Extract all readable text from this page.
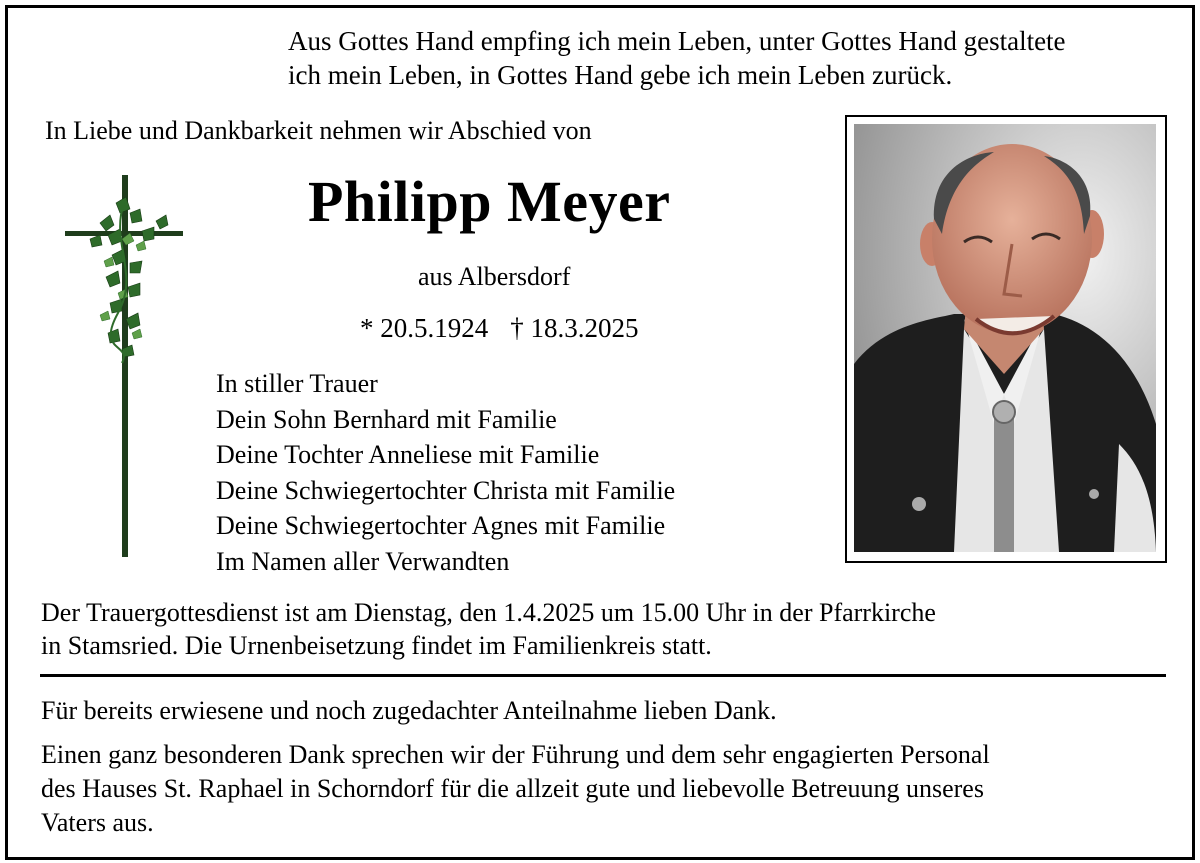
Aus Gottes Hand empfing ich mein Leben, unter Gottes Hand gestaltete
ich mein Leben, in Gottes Hand gebe ich mein Leben zurück.
In Liebe und Dankbarkeit nehmen wir Abschied von
Philipp Meyer
aus Albersdorf
* 20.5.1924 † 18.3.2025
In stiller Trauer
Dein Sohn Bernhard mit Familie
Deine Tochter Anneliese mit Familie
Deine Schwiegertochter Christa mit Familie
Deine Schwiegertochter Agnes mit Familie
Im Namen aller Verwandten
Der Trauergottesdienst ist am Dienstag, den 1.4.2025 um 15.00 Uhr in der Pfarrkirche
in Stamsried. Die Urnenbeisetzung findet im Familienkreis statt.
Für bereits erwiesene und noch zugedachter Anteilnahme lieben Dank.
Einen ganz besonderen Dank sprechen wir der Führung und dem sehr engagierten Personal
des Hauses St. Raphael in Schorndorf für die allzeit gute und liebevolle Betreuung unseres
Vaters aus.
